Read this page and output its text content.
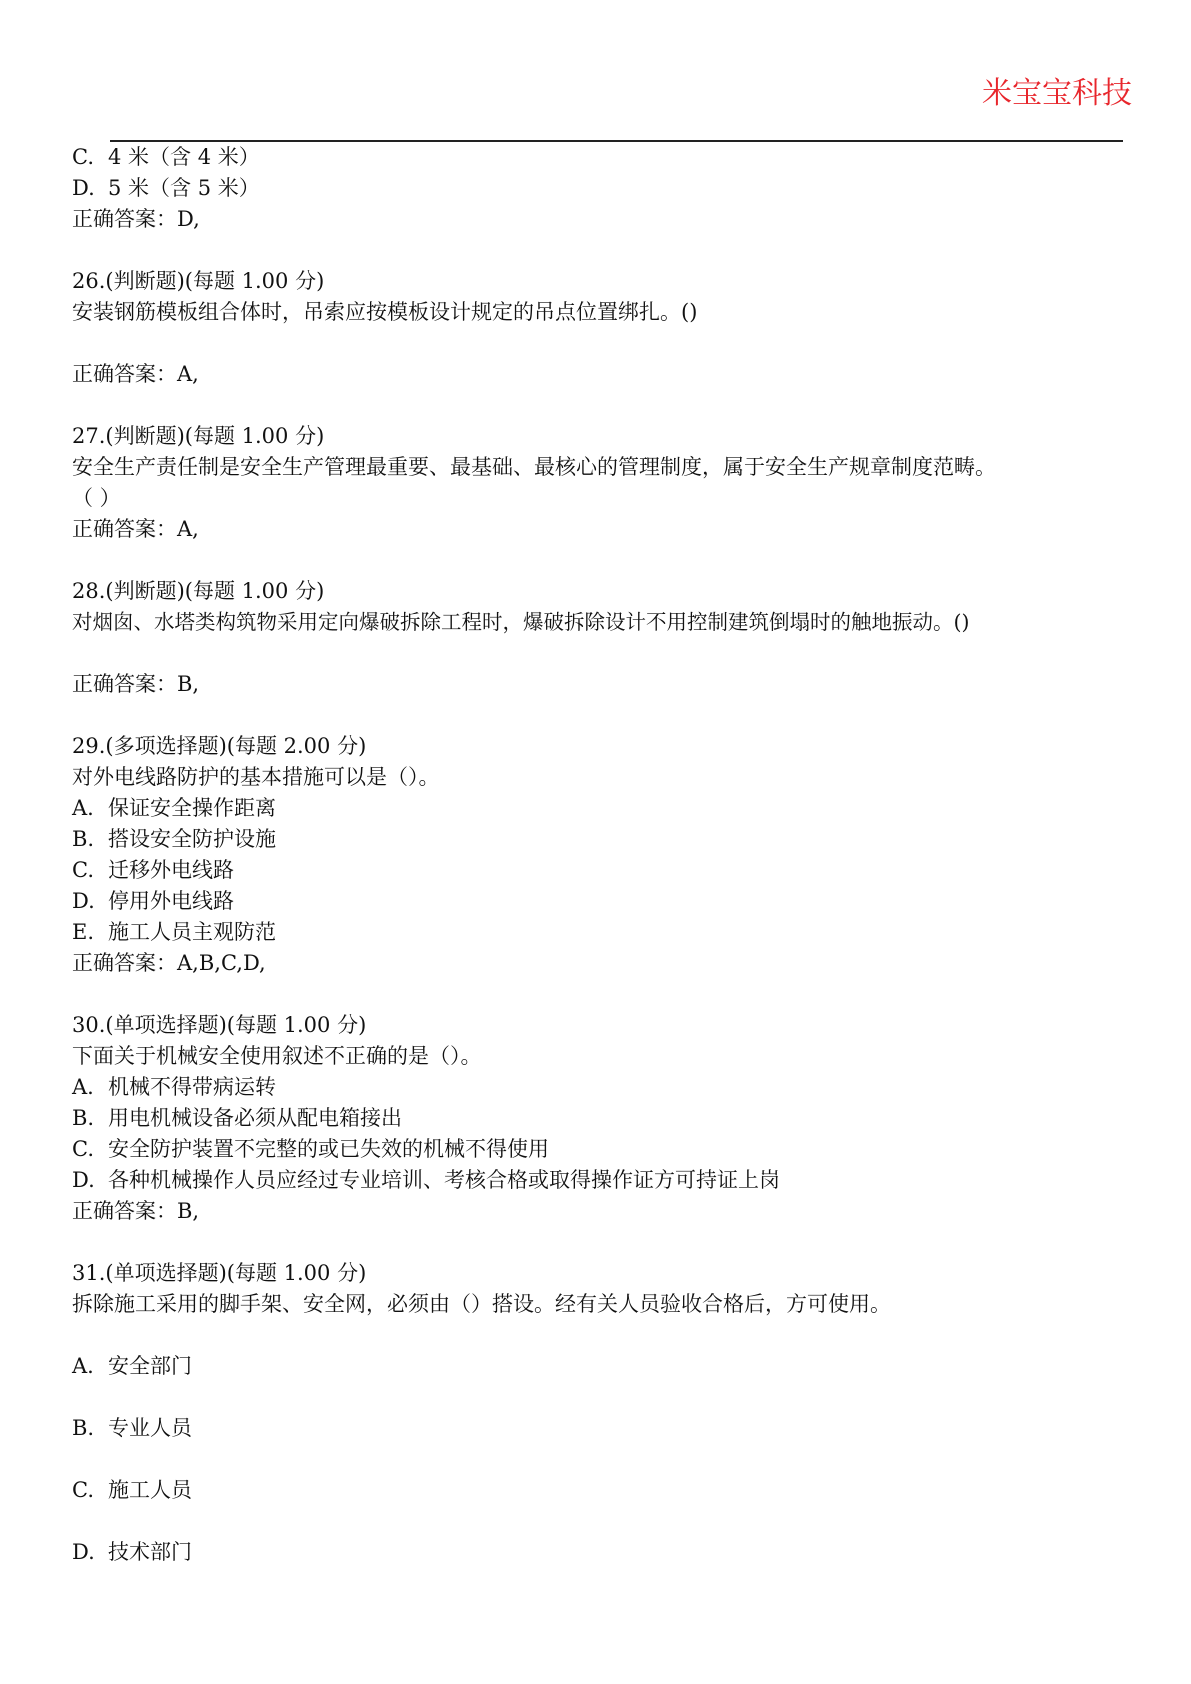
米宝宝科技
C. 4 米（含 4 米）
D. 5 米（含 5 米）
正确答案：D,
26.(判断题)(每题 1.00 分)
安装钢筋模板组合体时，吊索应按模板设计规定的吊点位置绑扎。()
正确答案：A,
27.(判断题)(每题 1.00 分)
安全生产责任制是安全生产管理最重要、最基础、最核心的管理制度，属于安全生产规章制度范畴。
（ ）
正确答案：A,
28.(判断题)(每题 1.00 分)
对烟囱、水塔类构筑物采用定向爆破拆除工程时，爆破拆除设计不用控制建筑倒塌时的触地振动。()
正确答案：B,
29.(多项选择题)(每题 2.00 分)
对外电线路防护的基本措施可以是（）。
A. 保证安全操作距离
B. 搭设安全防护设施
C. 迁移外电线路
D. 停用外电线路
E. 施工人员主观防范
正确答案：A,B,C,D,
30.(单项选择题)(每题 1.00 分)
下面关于机械安全使用叙述不正确的是（）。
A. 机械不得带病运转
B. 用电机械设备必须从配电箱接出
C. 安全防护装置不完整的或已失效的机械不得使用
D. 各种机械操作人员应经过专业培训、考核合格或取得操作证方可持证上岗
正确答案：B,
31.(单项选择题)(每题 1.00 分)
拆除施工采用的脚手架、安全网，必须由（）搭设。经有关人员验收合格后，方可使用。
A. 安全部门
B. 专业人员
C. 施工人员
D. 技术部门
